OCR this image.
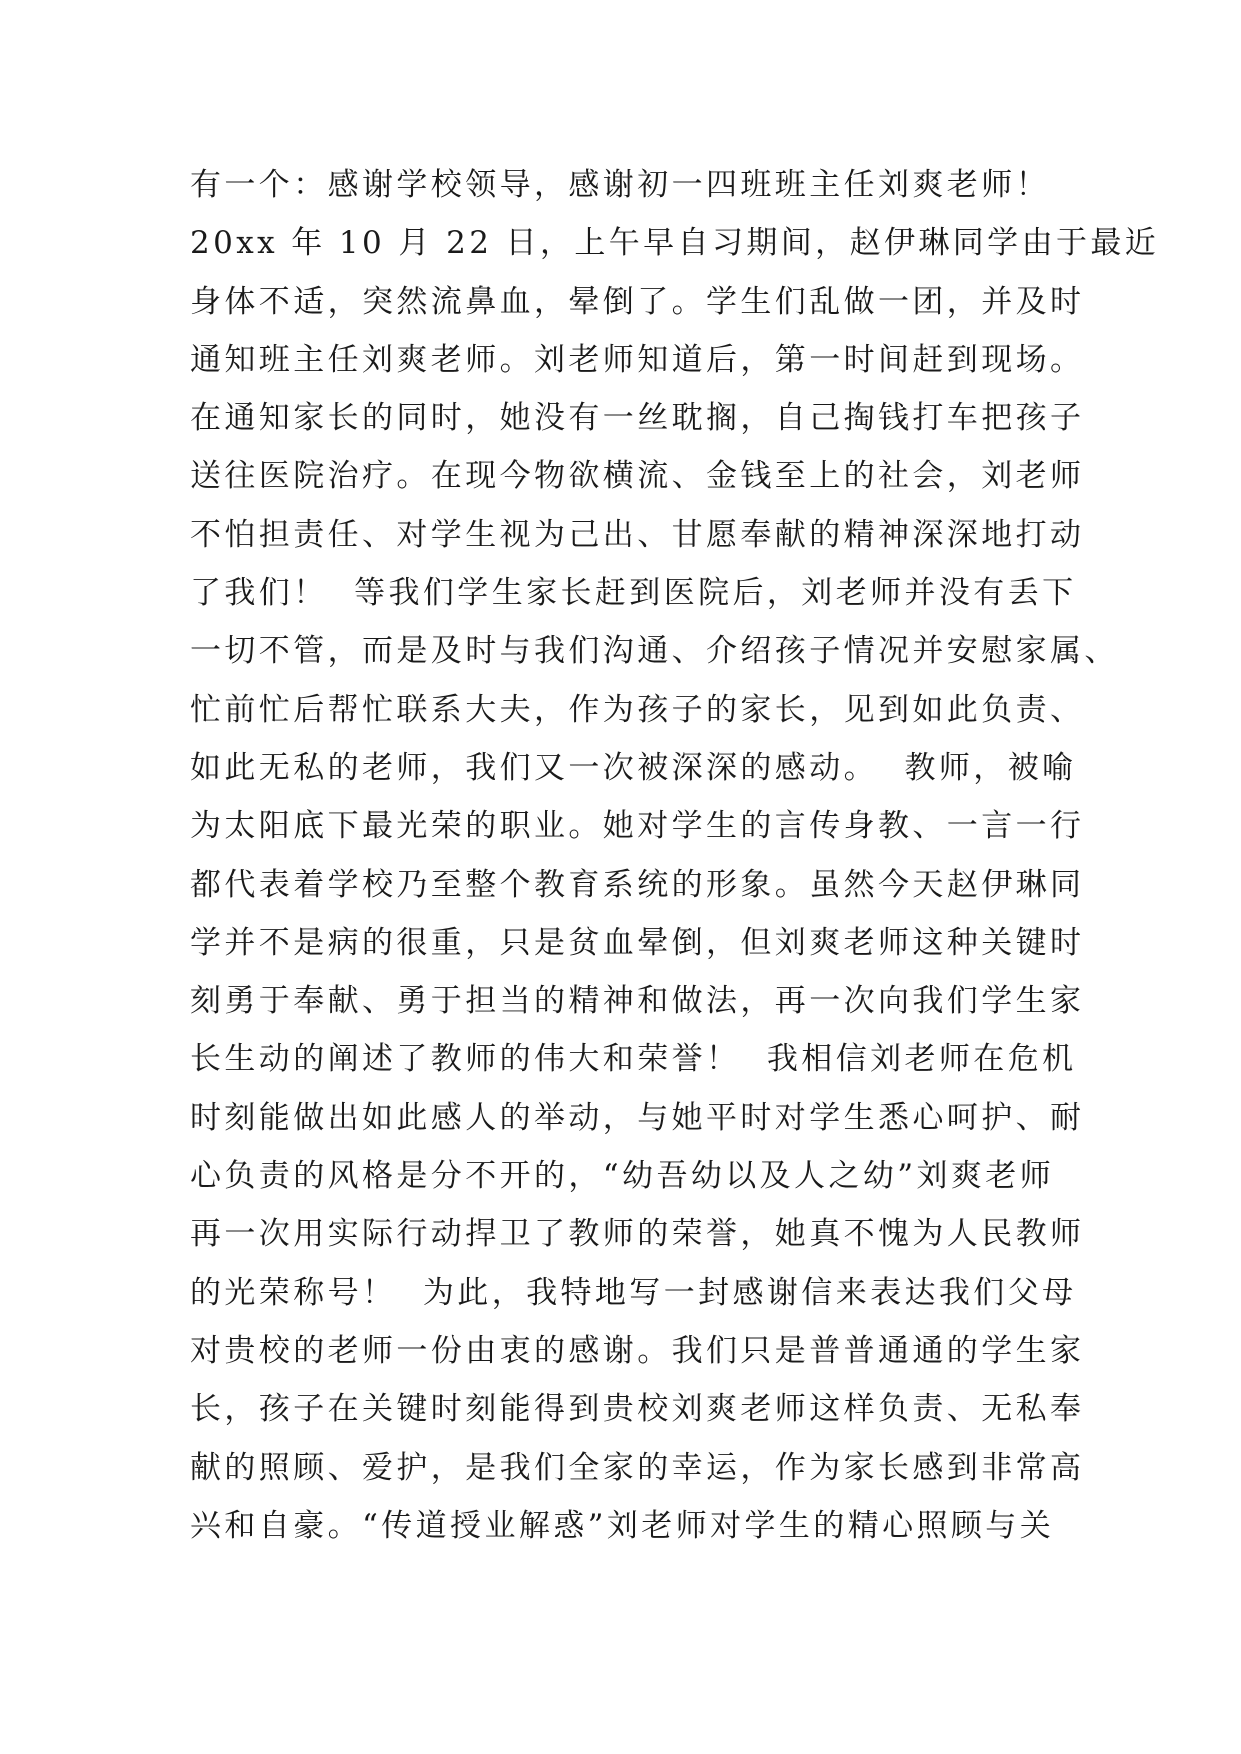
有一个：感谢学校领导，感谢初一四班班主任刘爽老师！
20xx 年 10 月 22 日，上午早自习期间，赵伊琳同学由于最近
身体不适，突然流鼻血，晕倒了。学生们乱做一团，并及时
通知班主任刘爽老师。刘老师知道后，第一时间赶到现场。
在通知家长的同时，她没有一丝耽搁，自己掏钱打车把孩子
送往医院治疗。在现今物欲横流、金钱至上的社会，刘老师
不怕担责任、对学生视为己出、甘愿奉献的精神深深地打动
了我们！  等我们学生家长赶到医院后，刘老师并没有丢下
一切不管，而是及时与我们沟通、介绍孩子情况并安慰家属、
忙前忙后帮忙联系大夫，作为孩子的家长，见到如此负责、
如此无私的老师，我们又一次被深深的感动。  教师，被喻
为太阳底下最光荣的职业。她对学生的言传身教、一言一行
都代表着学校乃至整个教育系统的形象。虽然今天赵伊琳同
学并不是病的很重，只是贫血晕倒，但刘爽老师这种关键时
刻勇于奉献、勇于担当的精神和做法，再一次向我们学生家
长生动的阐述了教师的伟大和荣誉！  我相信刘老师在危机
时刻能做出如此感人的举动，与她平时对学生悉心呵护、耐
心负责的风格是分不开的，“幼吾幼以及人之幼”刘爽老师
再一次用实际行动捍卫了教师的荣誉，她真不愧为人民教师
的光荣称号！  为此，我特地写一封感谢信来表达我们父母
对贵校的老师一份由衷的感谢。我们只是普普通通的学生家
长，孩子在关键时刻能得到贵校刘爽老师这样负责、无私奉
献的照顾、爱护，是我们全家的幸运，作为家长感到非常高
兴和自豪。“传道授业解惑”刘老师对学生的精心照顾与关
